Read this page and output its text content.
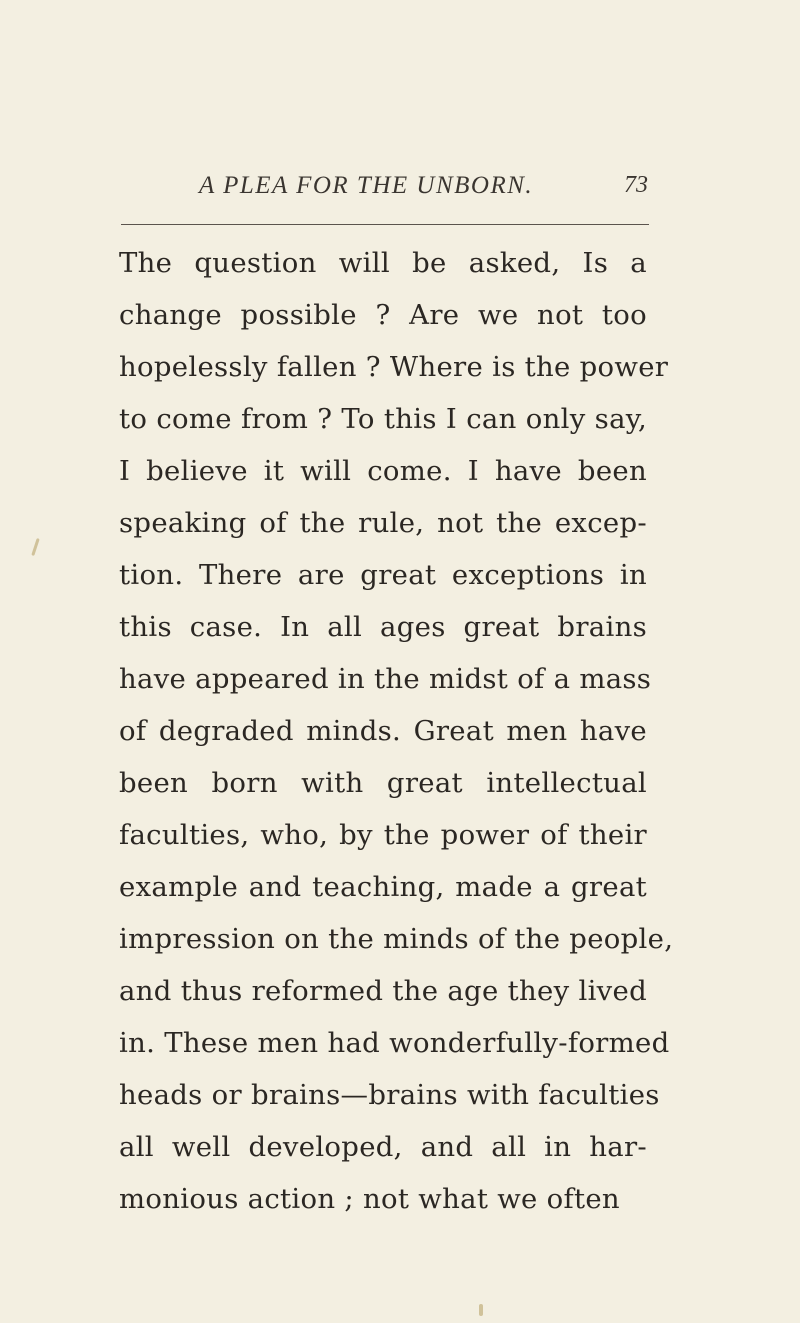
A PLEA FOR THE UNBORN.	73
The question will be asked, Is a
change possible ? Are we not too
hopelessly fallen ? Where is the power
to come from ? To this I can only say,
I believe it will come. I have been
speaking of the rule, not the excep-
tion. There are great exceptions in
this case. In all ages great brains
have appeared in the midst of a mass
of degraded minds. Great men have
been born with great intellectual
faculties, who, by the power of their
example and teaching, made a great
impression on the minds of the people,
and thus reformed the age they lived
in. These men had wonderfully-formed
heads or brains—brains with faculties
all well developed, and all in har-
monious action ; not what we often
